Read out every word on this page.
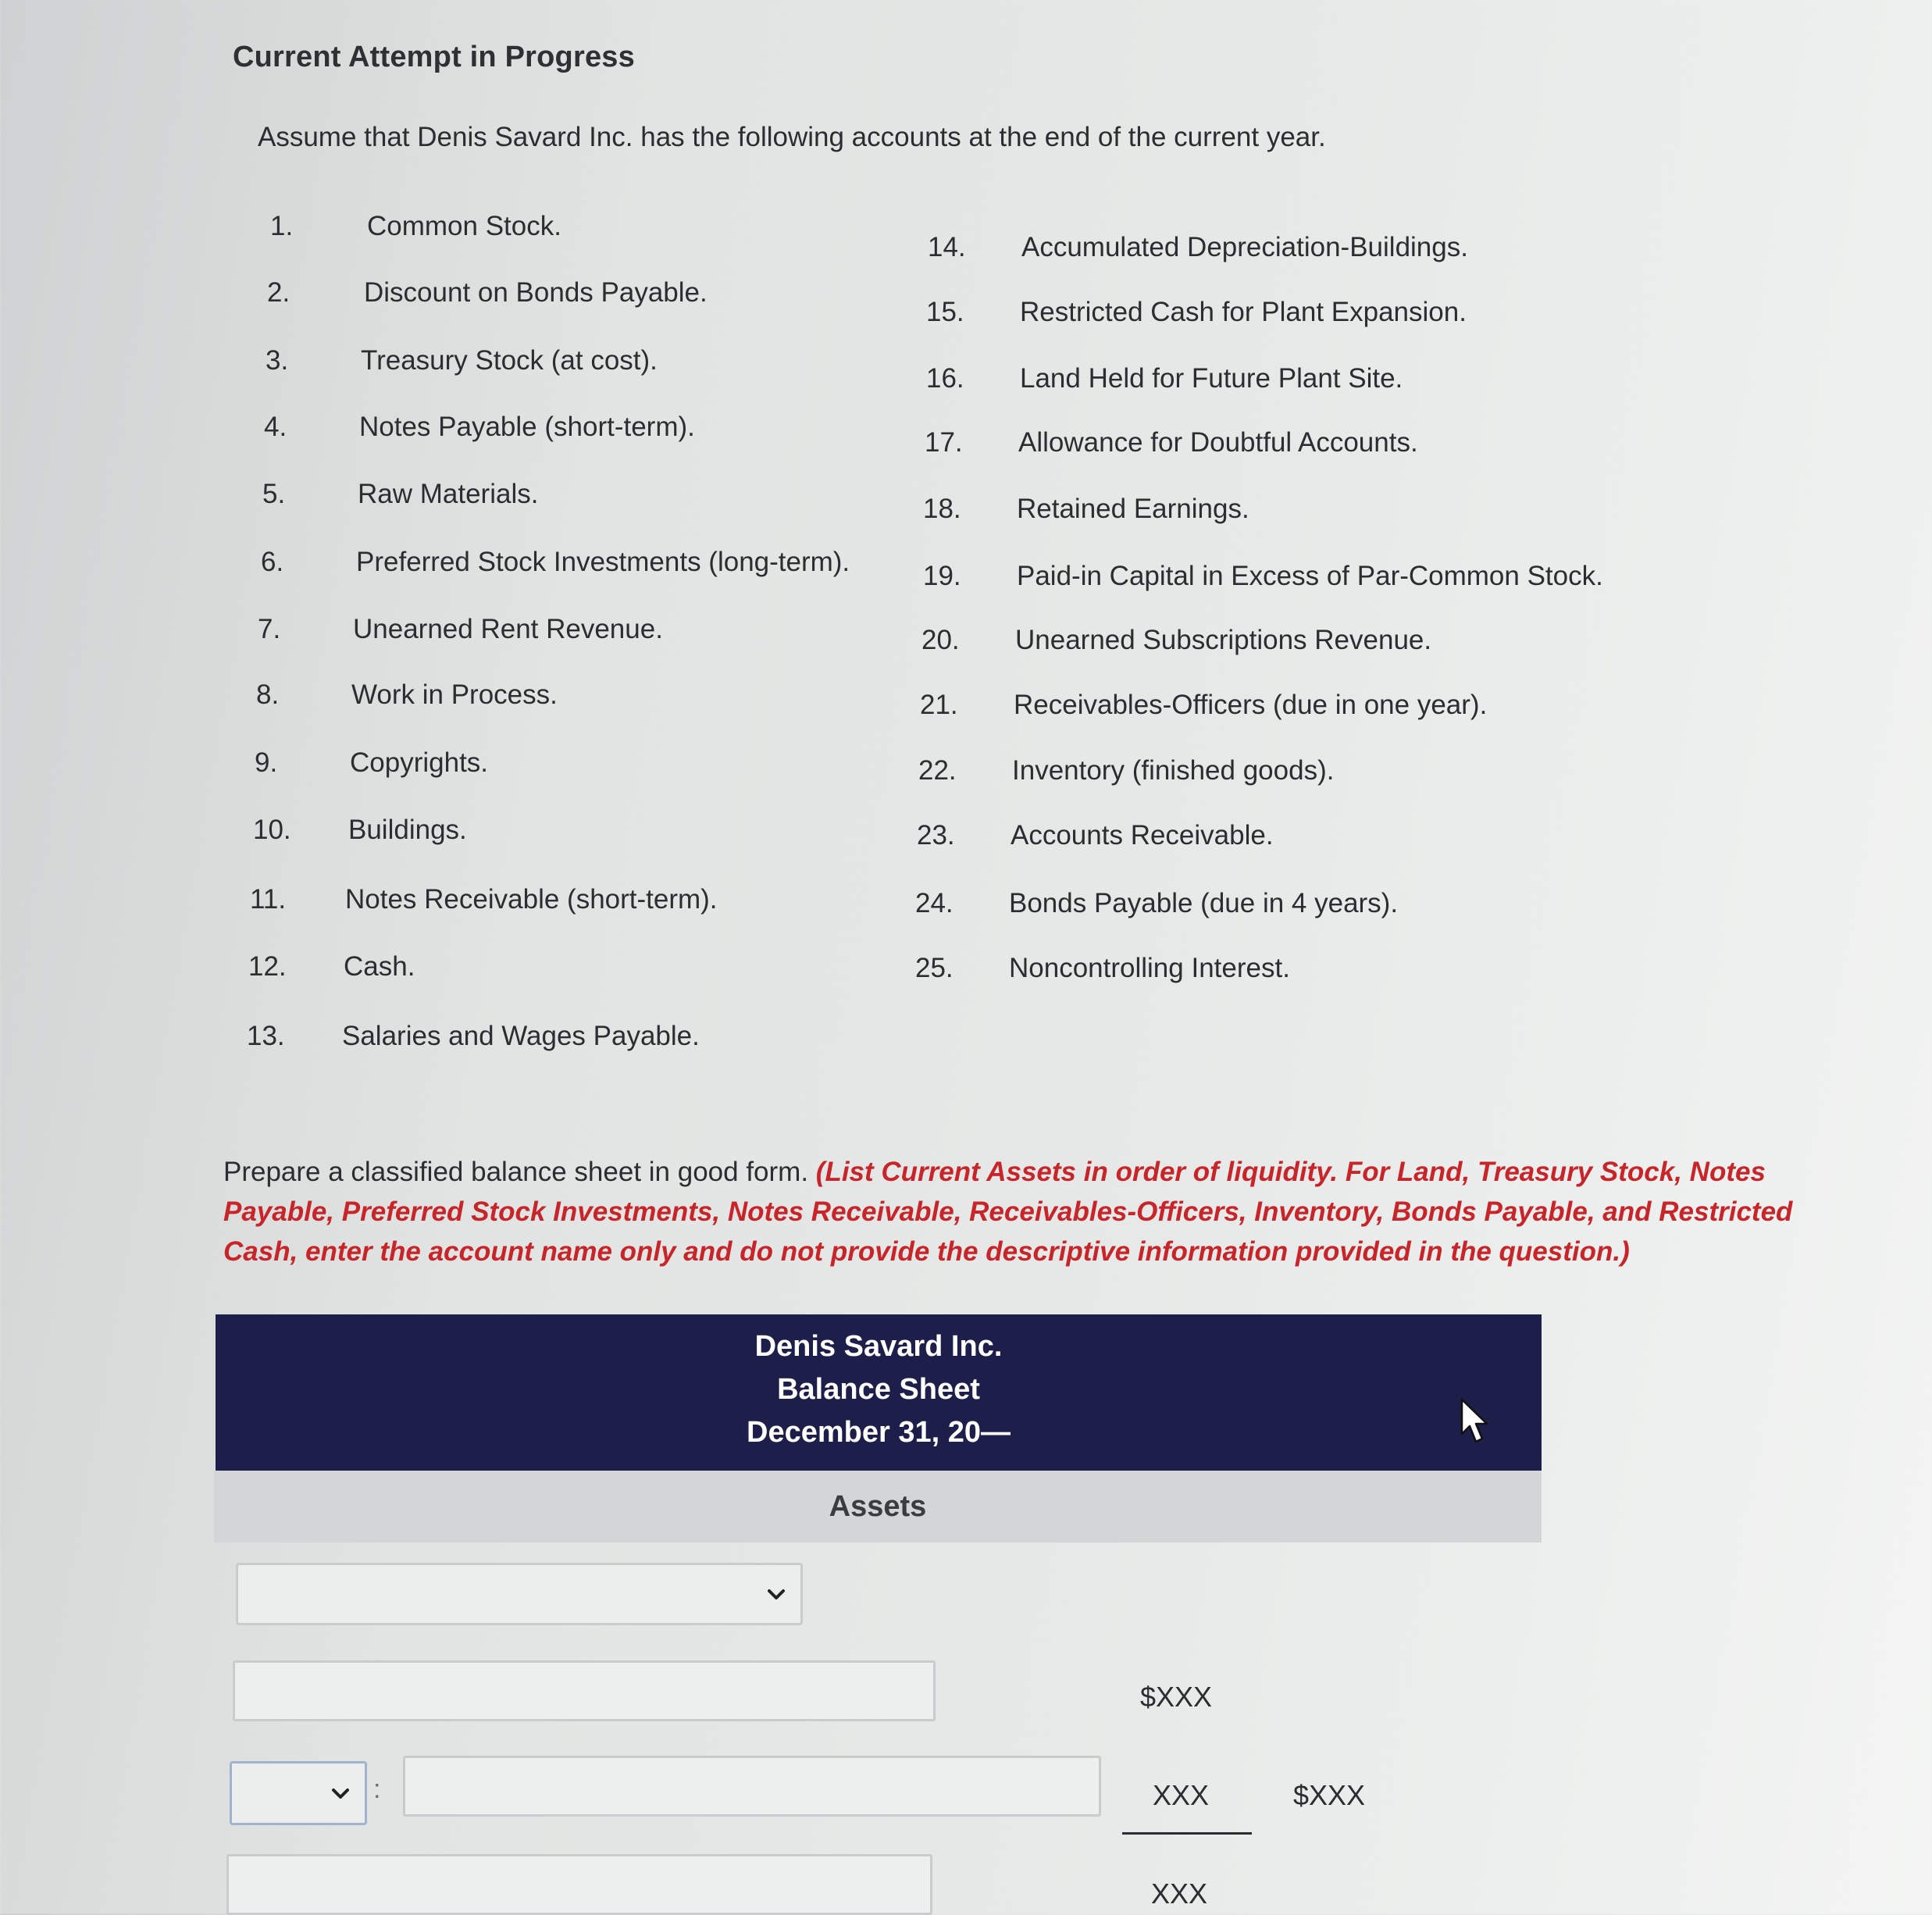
Current Attempt in Progress
Assume that Denis Savard Inc. has the following accounts at the end of the current year.
1.	Common Stock.
2.	Discount on Bonds Payable.
3.	Treasury Stock (at cost).
4.	Notes Payable (short-term).
5.	Raw Materials.
6.	Preferred Stock Investments (long-term).
7.	Unearned Rent Revenue.
8.	Work in Process.
9.	Copyrights.
10. Buildings.
11. Notes Receivable (short-term).
12. Cash.
13. Salaries and Wages Payable.
14. Accumulated Depreciation-Buildings.
15. Restricted Cash for Plant Expansion.
16. Land Held for Future Plant Site.
17. Allowance for Doubtful Accounts.
18. Retained Earnings.
19. Paid-in Capital in Excess of Par-Common Stock.
20. Unearned Subscriptions Revenue.
21. Receivables-Officers (due in one year).
22. Inventory (finished goods).
23. Accounts Receivable.
24. Bonds Payable (due in 4 years).
25. Noncontrolling Interest.
Prepare a classified balance sheet in good form. (List Current Assets in order of liquidity. For Land, Treasury Stock, Notes Payable, Preferred Stock Investments, Notes Receivable, Receivables-Officers, Inventory, Bonds Payable, and Restricted Cash, enter the account name only and do not provide the descriptive information provided in the question.)
Denis Savard Inc.
Balance Sheet
December 31, 20—
Assets
$XXX
:	XXX	$XXX
XXX
